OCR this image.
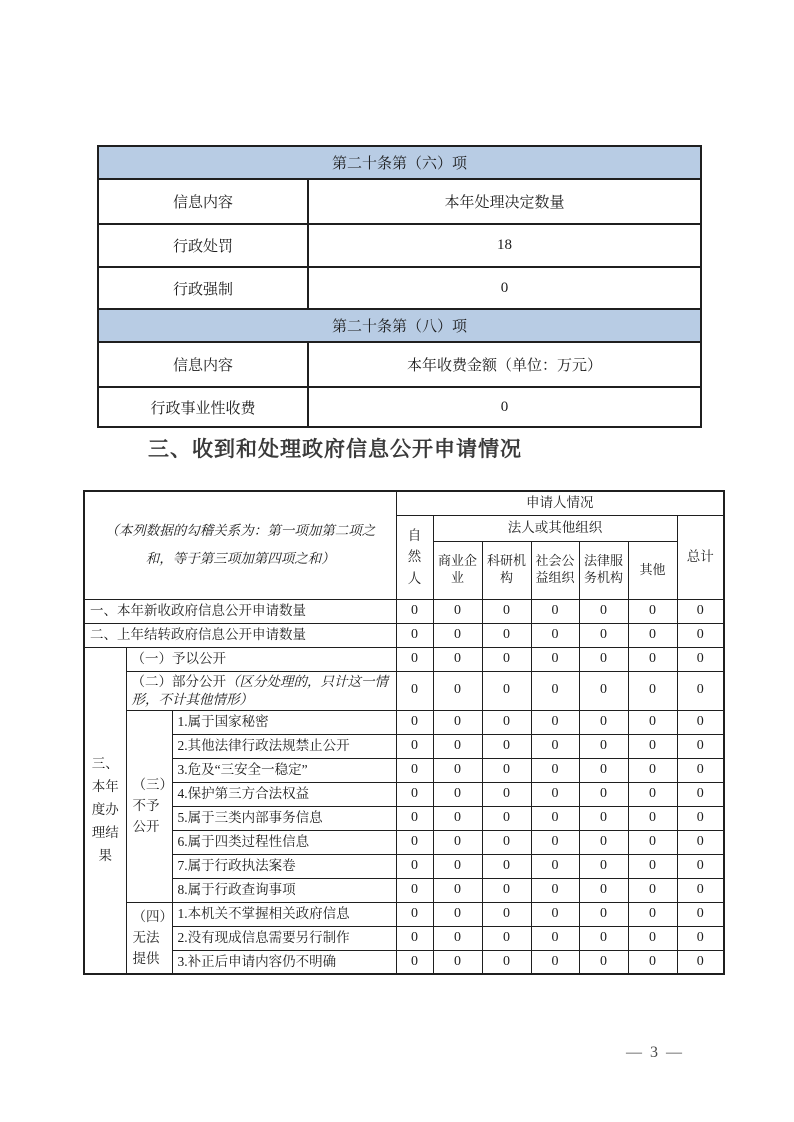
第二十条第（六）项	
信息内容	本年处理决定数量
行政处罚	18
行政强制	0
第二十条第（八）项	
信息内容	本年收费金额（单位：万元）
行政事业性收费	0
三、收到和处理政府信息公开申请情况
（本列数据的勾稽关系为：第一项加第二项之和，等于第三项加第四项之和）			申请人情况						
			自然人	法人或其他组织					总计
				商业企业	科研机构	社会公益组织	法律服务机构	其他	
一、本年新收政府信息公开申请数量			0	0	0	0	0	0	0
二、上年结转政府信息公开申请数量			0	0	0	0	0	0	0
三、本年度办理结果	（一）予以公开		0	0	0	0	0	0	0
	（二）部分公开（区分处理的，只计这一情形，不计其他情形）		0	0	0	0	0	0	0
	（三）不予公开	1.属于国家秘密	0	0	0	0	0	0	0
		2.其他法律行政法规禁止公开	0	0	0	0	0	0	0
		3.危及“三安全一稳定”	0	0	0	0	0	0	0
		4.保护第三方合法权益	0	0	0	0	0	0	0
		5.属于三类内部事务信息	0	0	0	0	0	0	0
		6.属于四类过程性信息	0	0	0	0	0	0	0
		7.属于行政执法案卷	0	0	0	0	0	0	0
		8.属于行政查询事项	0	0	0	0	0	0	0
	（四）无法提供	1.本机关不掌握相关政府信息	0	0	0	0	0	0	0
		2.没有现成信息需要另行制作	0	0	0	0	0	0	0
		3.补正后申请内容仍不明确	0	0	0	0	0	0	0
— 3 —
